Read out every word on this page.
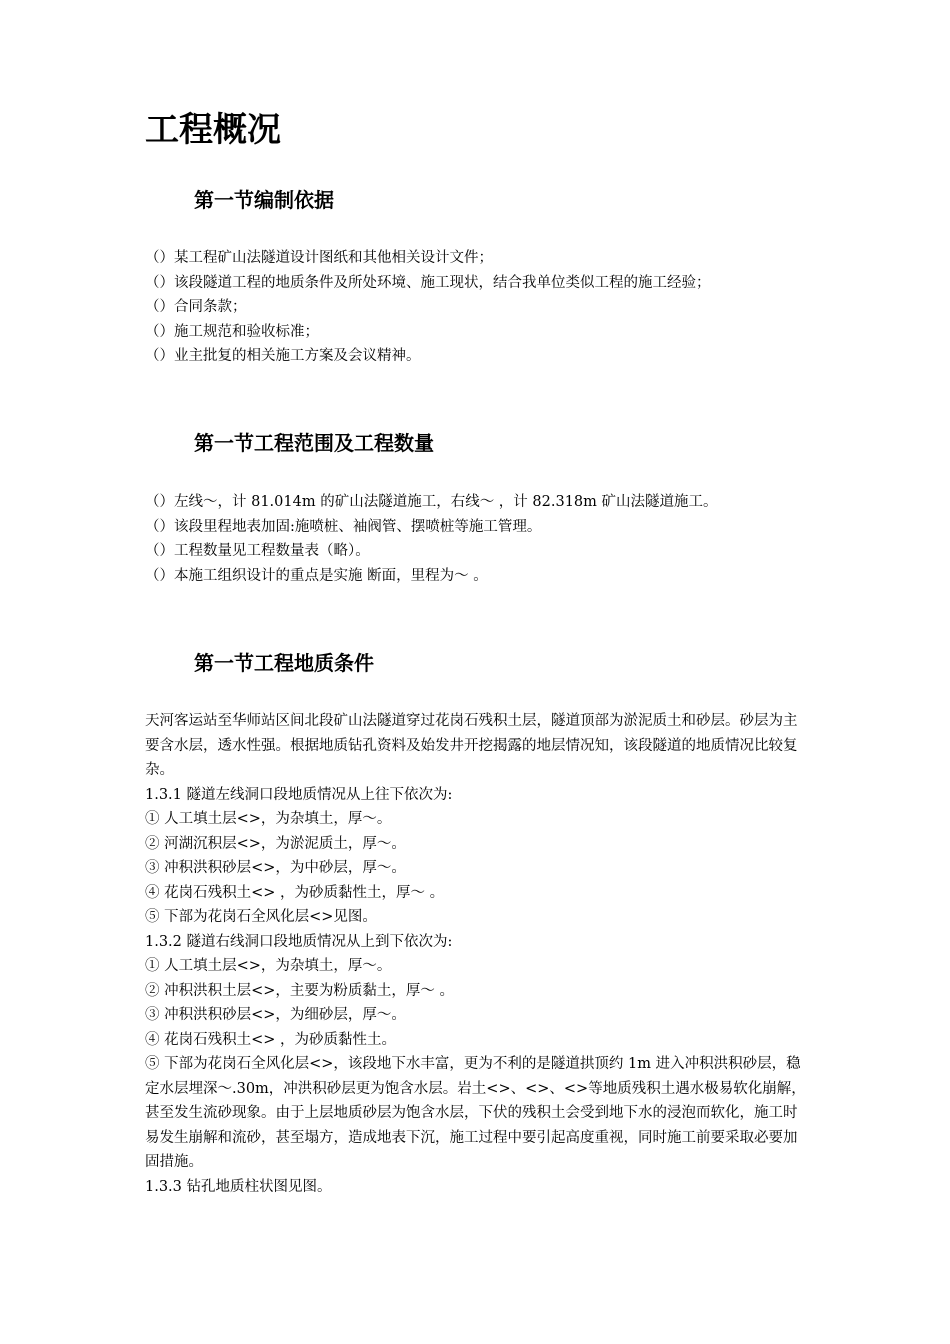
工程概况
第一节编制依据
（）某工程矿山法隧道设计图纸和其他相关设计文件；
（）该段隧道工程的地质条件及所处环境、施工现状，结合我单位类似工程的施工经验；
（）合同条款；
（）施工规范和验收标准；
（）业主批复的相关施工方案及会议精神。
第一节工程范围及工程数量
（）左线～，计 81.014m 的矿山法隧道施工，右线～ ，计 82.318m 矿山法隧道施工。
（）该段里程地表加固:施喷桩、袖阀管、摆喷桩等施工管理。
（）工程数量见工程数量表（略）。
（）本施工组织设计的重点是实施 断面，里程为～ 。
第一节工程地质条件

天河客运站至华师站区间北段矿山法隧道穿过花岗石残积土层，隧道顶部为淤泥质土和砂层。砂层为主要含水层，透水性强。根据地质钻孔资料及始发井开挖揭露的地层情况知，该段隧道的地质情况比较复杂。

1.3.1 隧道左线洞口段地质情况从上往下依次为:

① 人工填土层<>，为杂填土，厚～。

② 河湖沉积层<>，为淤泥质土，厚～。

③ 冲积洪积砂层<>，为中砂层，厚～。

④ 花岗石残积土<> ，为砂质黏性土，厚～ 。

⑤ 下部为花岗石全风化层<>见图。

1.3.2 隧道右线洞口段地质情况从上到下依次为:

① 人工填土层<>，为杂填土，厚～。

② 冲积洪积土层<>，主要为粉质黏土，厚～ 。

③ 冲积洪积砂层<>，为细砂层，厚～。

④ 花岗石残积土<> ，为砂质黏性土。

⑤ 下部为花岗石全风化层<>，该段地下水丰富，更为不利的是隧道拱顶约 1m 进入冲积洪积砂层，稳定水层埋深～.30m，冲洪积砂层更为饱含水层。岩土<>、<>、<>等地质残积土遇水极易软化崩解，甚至发生流砂现象。由于上层地质砂层为饱含水层，下伏的残积土会受到地下水的浸泡而软化，施工时易发生崩解和流砂，甚至塌方，造成地表下沉，施工过程中要引起高度重视，同时施工前要采取必要加固措施。

1.3.3 钻孔地质柱状图见图。
